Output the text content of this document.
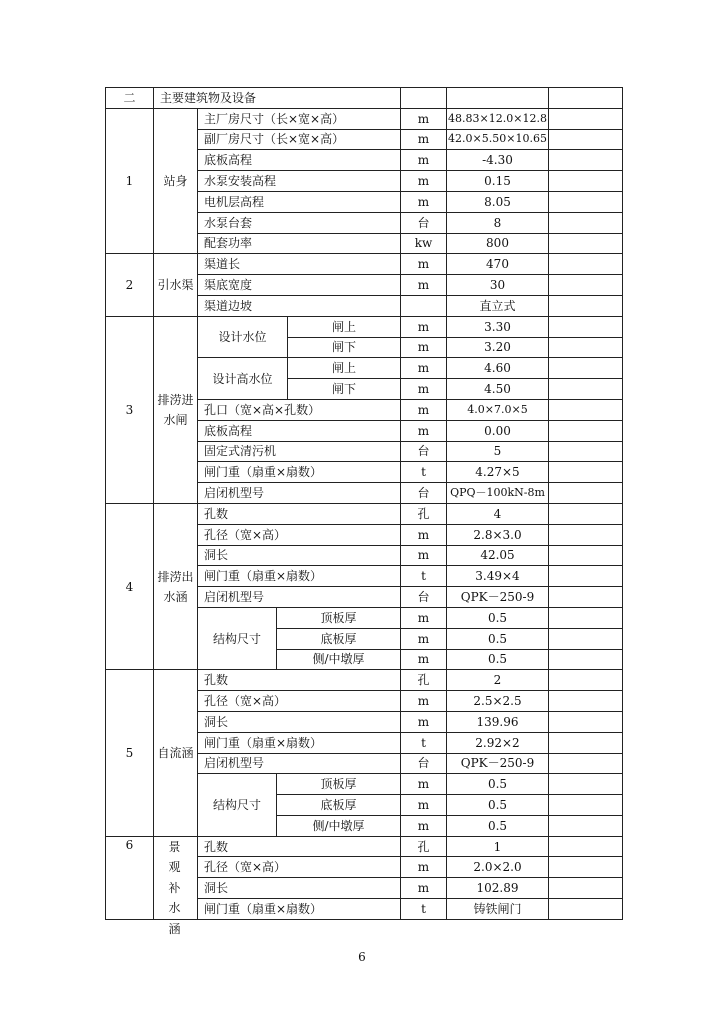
二	主要建筑物及设备						
1	站身	主厂房尺寸（长×宽×高）			m	48.83×12.0×12.8	
		副厂房尺寸（长×宽×高）			m	42.0×5.50×10.65	
		底板高程			m	-4.30	
		水泵安装高程			m	0.15	
		电机层高程			m	8.05	
		水泵台套			台	8	
		配套功率			kw	800	
2	引水渠	渠道长			m	470	
		渠底宽度			m	30	
		渠道边坡				直立式	
3	排涝进水闸	设计水位		闸上	m	3.30	
				闸下	m	3.20	
		设计高水位		闸上	m	4.60	
				闸下	m	4.50	
		孔口（宽×高×孔数）			m	4.0×7.0×5	
		底板高程			m	0.00	
		固定式清污机			台	5	
		闸门重（扇重×扇数）			t	4.27×5	
		启闭机型号			台	QPQ－100kN-8m	
4	排涝出水涵	孔数			孔	4	
		孔径（宽×高）			m	2.8×3.0	
		洞长			m	42.05	
		闸门重（扇重×扇数）			t	3.49×4	
		启闭机型号			台	QPK－250-9	
		结构尺寸	顶板厚		m	0.5	
			底板厚		m	0.5	
			侧/中墩厚		m	0.5	
5	自流涵	孔数			孔	2	
		孔径（宽×高）			m	2.5×2.5	
		洞长			m	139.96	
		闸门重（扇重×扇数）			t	2.92×2	
		启闭机型号			台	QPK－250-9	
		结构尺寸	顶板厚		m	0.5	
			底板厚		m	0.5	
			侧/中墩厚		m	0.5	
6	景观补水涵	孔数			孔	1	
		孔径（宽×高）			m	2.0×2.0	
		洞长			m	102.89	
		闸门重（扇重×扇数）			t	铸铁闸门	
6
